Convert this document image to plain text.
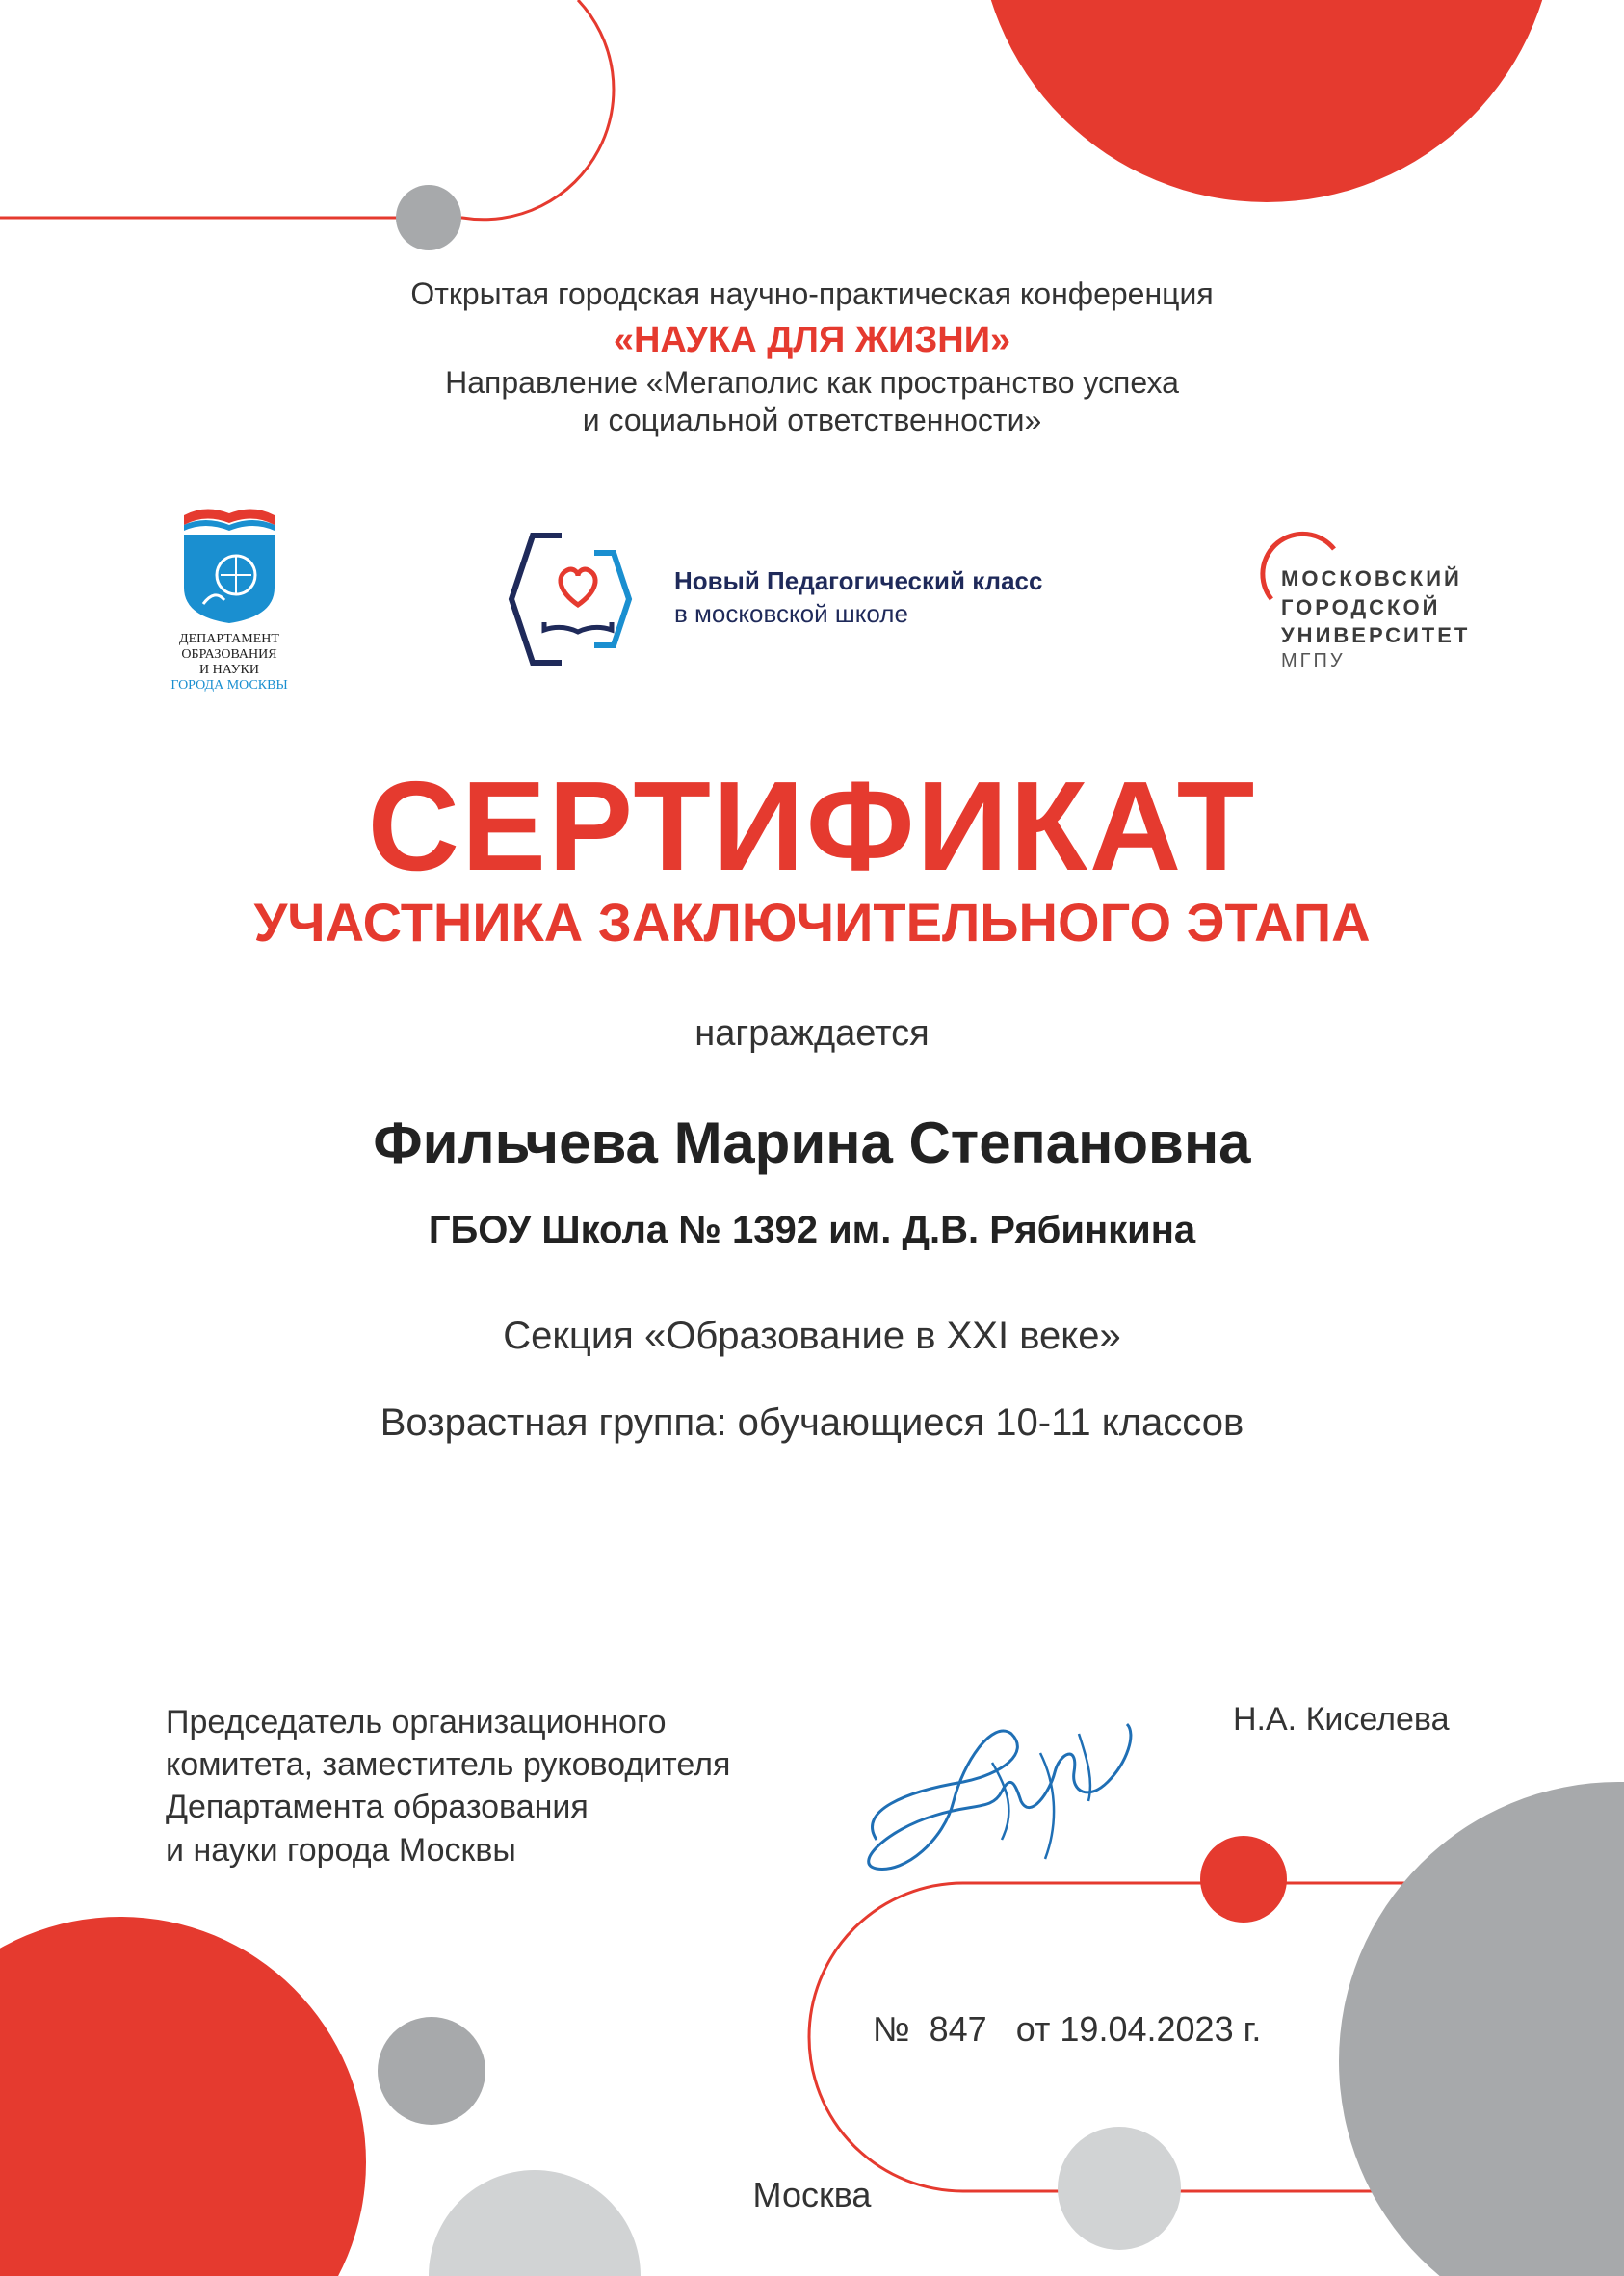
Открытая городская научно-практическая конференция
«НАУКА ДЛЯ ЖИЗНИ»
Направление «Мегаполис как пространство успеха
и социальной ответственности»
ДЕПАРТАМЕНТ
ОБРАЗОВАНИЯ
И НАУКИ
ГОРОДА МОСКВЫ
Новый Педагогический класс
в московской школе
МОСКОВСКИЙ
ГОРОДСКОЙ
УНИВЕРСИТЕТ
МГПУ
СЕРТИФИКАТ
УЧАСТНИКА ЗАКЛЮЧИТЕЛЬНОГО ЭТАПА
награждается
Фильчева Марина Степановна
ГБОУ Школа № 1392 им. Д.В. Рябинкина
Секция «Образование в XXI веке»
Возрастная группа: обучающиеся 10-11 классов
Председатель организационного
комитета, заместитель руководителя
Департамента образования
и науки города Москвы
Н.А. Киселева
№  847   от 19.04.2023 г.
Москва
